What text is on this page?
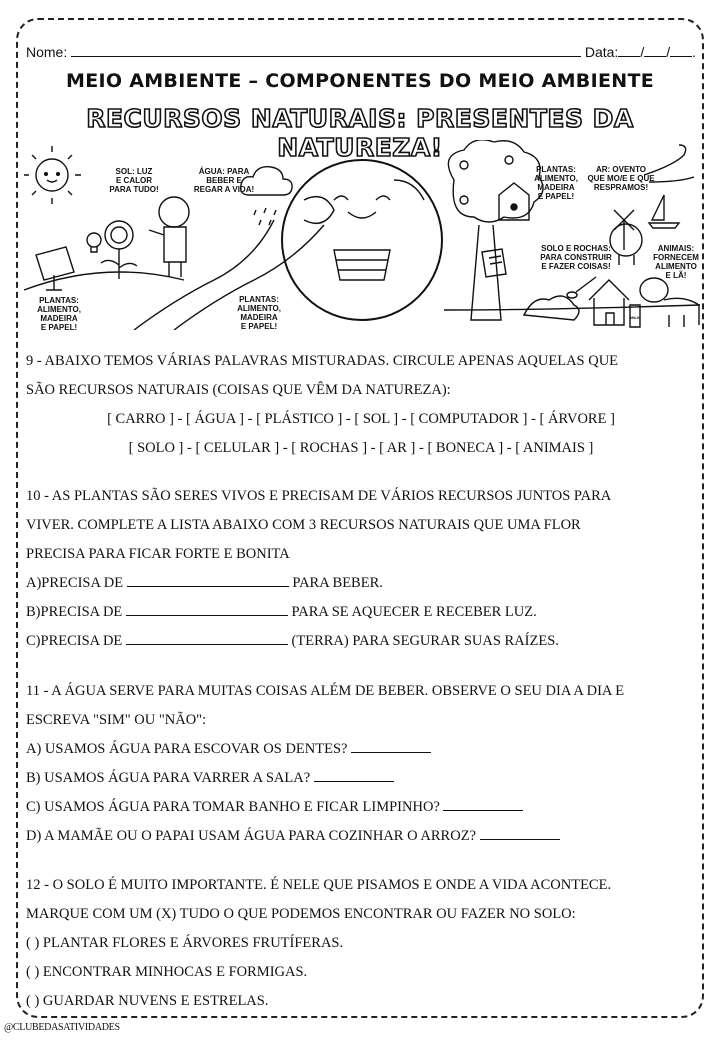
Nome:	Data: / / .
MEIO AMBIENTE – COMPONENTES DO MEIO AMBIENTE
RECURSOS NATURAIS: PRESENTES DA NATUREZA!
SOL: LUZ E CALOR PARA TUDO!
ÁGUA: PARA BEBER E REGAR A VIDA!
PLANTAS: ALIMENTO, MADEIRA E PAPEL!
PLANTAS: ALIMENTO, MADEIRA E PAPEL!
PLANTAS: ALIMENTO, MADEIRA E PAPEL!
AR: OVENTO QUE MO/E E QUE RESPRAMOS!
SOLO E ROCHAS: PARA CONSTRUIR E FAZER COISAS!
ANIMAIS: FORNECEM ALIMENTO E LÃ!
MILK
9 - ABAIXO TEMOS VÁRIAS PALAVRAS MISTURADAS. CIRCULE APENAS AQUELAS QUE
SÃO RECURSOS NATURAIS (COISAS QUE VÊM DA NATUREZA):
[ CARRO ] - [ ÁGUA ] - [ PLÁSTICO ] - [ SOL ] - [ COMPUTADOR ] - [ ÁRVORE ]
[ SOLO ] - [ CELULAR ] - [ ROCHAS ] - [ AR ] - [ BONECA ] - [ ANIMAIS ]
10 - AS PLANTAS SÃO SERES VIVOS E PRECISAM DE VÁRIOS RECURSOS JUNTOS PARA
VIVER. COMPLETE A LISTA ABAIXO COM 3 RECURSOS NATURAIS QUE UMA FLOR
PRECISA PARA FICAR FORTE E BONITA
A)PRECISA DE	PARA BEBER.
B)PRECISA DE	PARA SE AQUECER E RECEBER LUZ.
C)PRECISA DE	(TERRA) PARA SEGURAR SUAS RAÍZES.
11 - A ÁGUA SERVE PARA MUITAS COISAS ALÉM DE BEBER. OBSERVE O SEU DIA A DIA E
ESCREVA "SIM" OU "NÃO":
A) USAMOS ÁGUA PARA ESCOVAR OS DENTES?
B) USAMOS ÁGUA PARA VARRER A SALA?
C) USAMOS ÁGUA PARA TOMAR BANHO E FICAR LIMPINHO?
D) A MAMÃE OU O PAPAI USAM ÁGUA PARA COZINHAR O ARROZ?
12 - O SOLO É MUITO IMPORTANTE. É NELE QUE PISAMOS E ONDE A VIDA ACONTECE.
MARQUE COM UM (X) TUDO O QUE PODEMOS ENCONTRAR OU FAZER NO SOLO:
( ) PLANTAR FLORES E ÁRVORES FRUTÍFERAS.
( ) ENCONTRAR MINHOCAS E FORMIGAS.
( ) GUARDAR NUVENS E ESTRELAS.
@CLUBEDASATIVIDADES
